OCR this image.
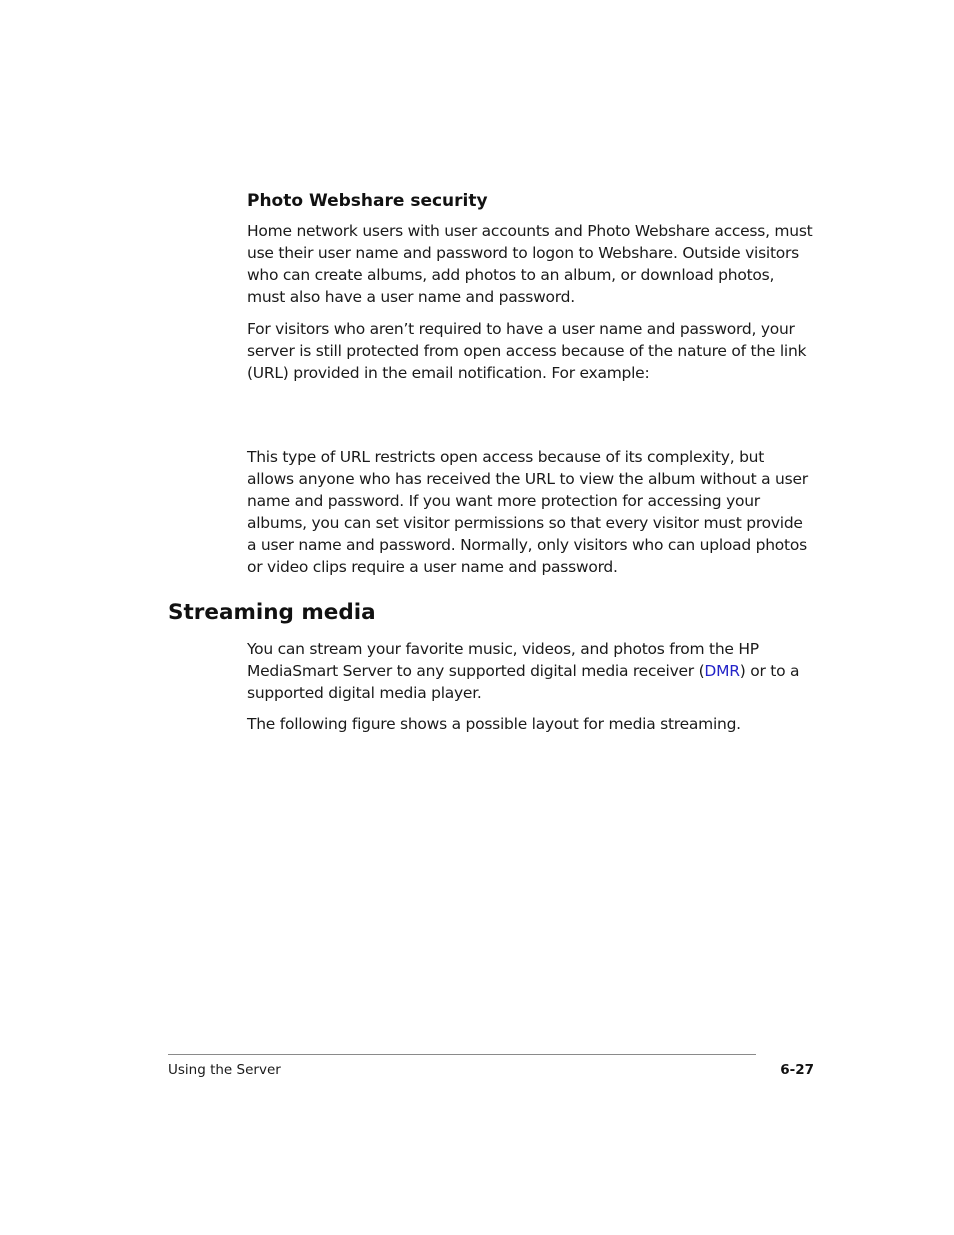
Photo Webshare security

Home network users with user accounts and Photo Webshare access, must use their user name and password to logon to Webshare. Outside visitors who can create albums, add photos to an album, or download photos, must also have a user name and password.

For visitors who aren’t required to have a user name and password, your server is still protected from open access because of the nature of the link (URL) provided in the email notification. For example:

This type of URL restricts open access because of its complexity, but allows anyone who has received the URL to view the album without a user name and password. If you want more protection for accessing your albums, you can set visitor permissions so that every visitor must provide a user name and password. Normally, only visitors who can upload photos or video clips require a user name and password.

Streaming media

You can stream your favorite music, videos, and photos from the HP MediaSmart Server to any supported digital media receiver (DMR) or to a supported digital media player.

The following figure shows a possible layout for media streaming.

Using the Server	6-27
